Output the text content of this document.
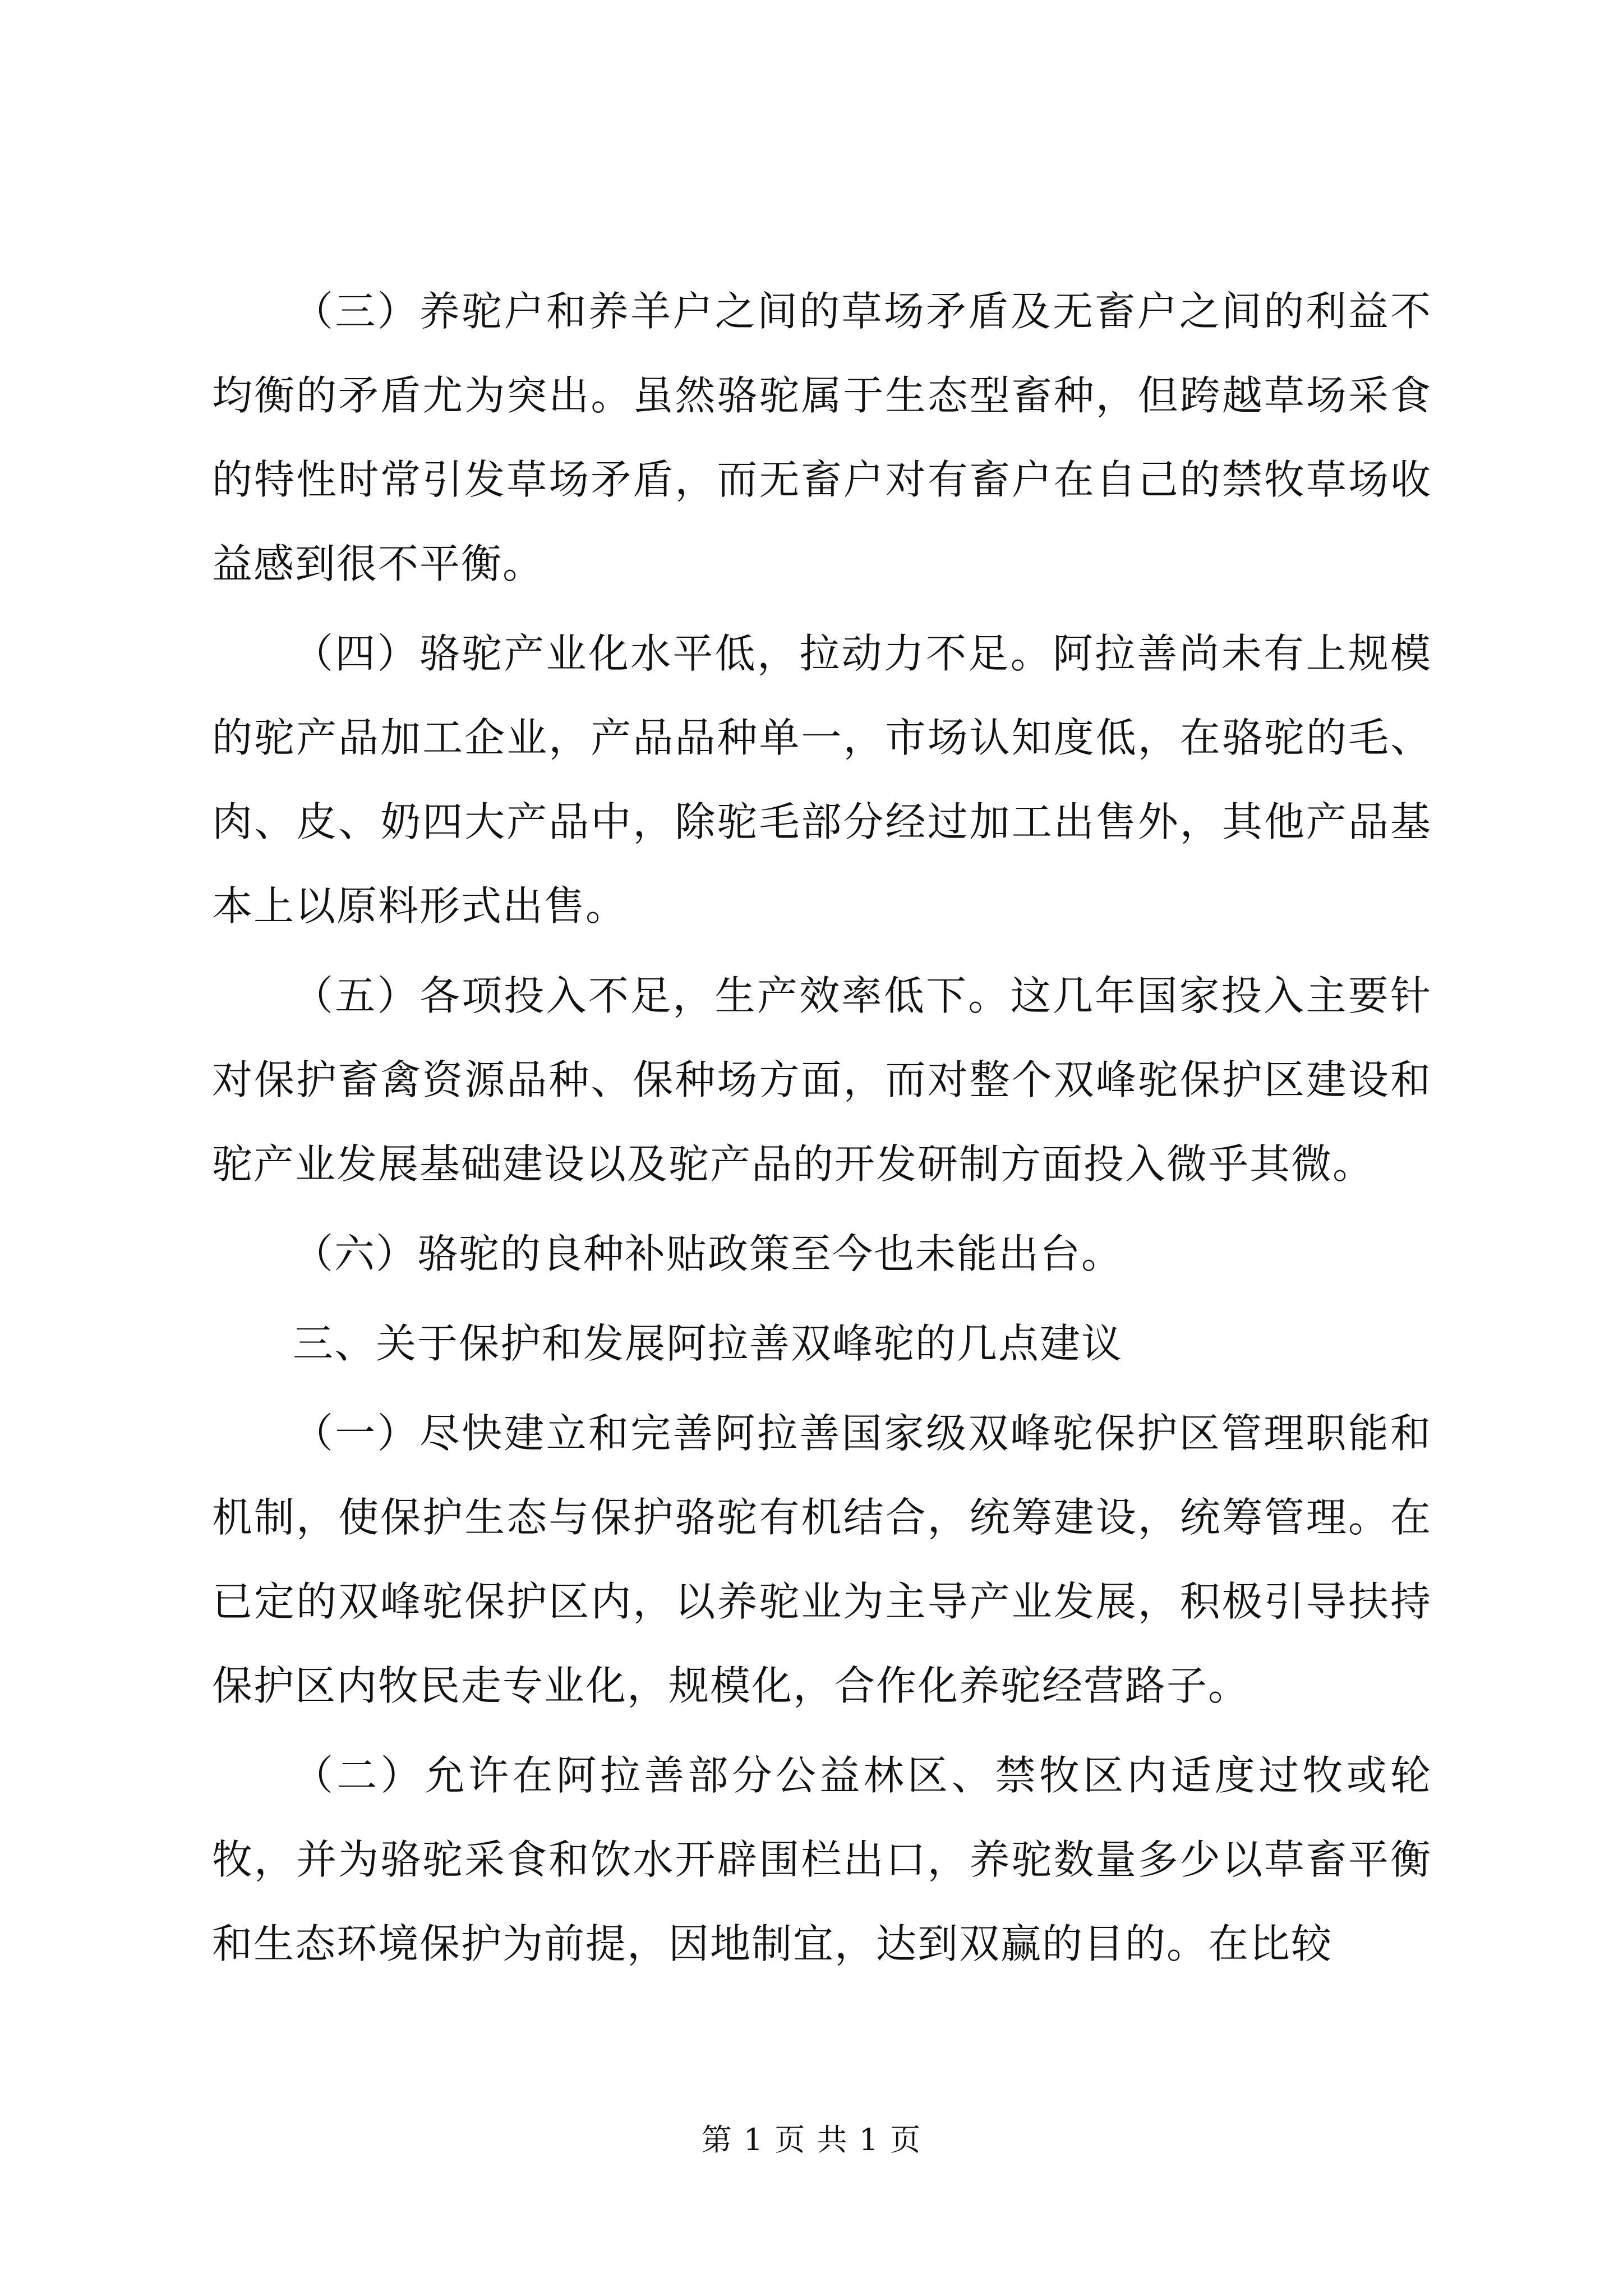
（三）养驼户和养羊户之间的草场矛盾及无畜户之间的利益不均衡的矛盾尤为突出。虽然骆驼属于生态型畜种，但跨越草场采食的特性时常引发草场矛盾，而无畜户对有畜户在自己的禁牧草场收益感到很不平衡。

（四）骆驼产业化水平低，拉动力不足。阿拉善尚未有上规模的驼产品加工企业，产品品种单一，市场认知度低，在骆驼的毛、肉、皮、奶四大产品中，除驼毛部分经过加工出售外，其他产品基本上以原料形式出售。

（五）各项投入不足，生产效率低下。这几年国家投入主要针对保护畜禽资源品种、保种场方面，而对整个双峰驼保护区建设和驼产业发展基础建设以及驼产品的开发研制方面投入微乎其微。

（六）骆驼的良种补贴政策至今也未能出台。

三、关于保护和发展阿拉善双峰驼的几点建议

（一）尽快建立和完善阿拉善国家级双峰驼保护区管理职能和机制，使保护生态与保护骆驼有机结合，统筹建设，统筹管理。在已定的双峰驼保护区内，以养驼业为主导产业发展，积极引导扶持保护区内牧民走专业化，规模化，合作化养驼经营路子。

（二）允许在阿拉善部分公益林区、禁牧区内适度过牧或轮牧，并为骆驼采食和饮水开辟围栏出口，养驼数量多少以草畜平衡和生态环境保护为前提，因地制宜，达到双赢的目的。在比较

第 1 页 共 1 页
